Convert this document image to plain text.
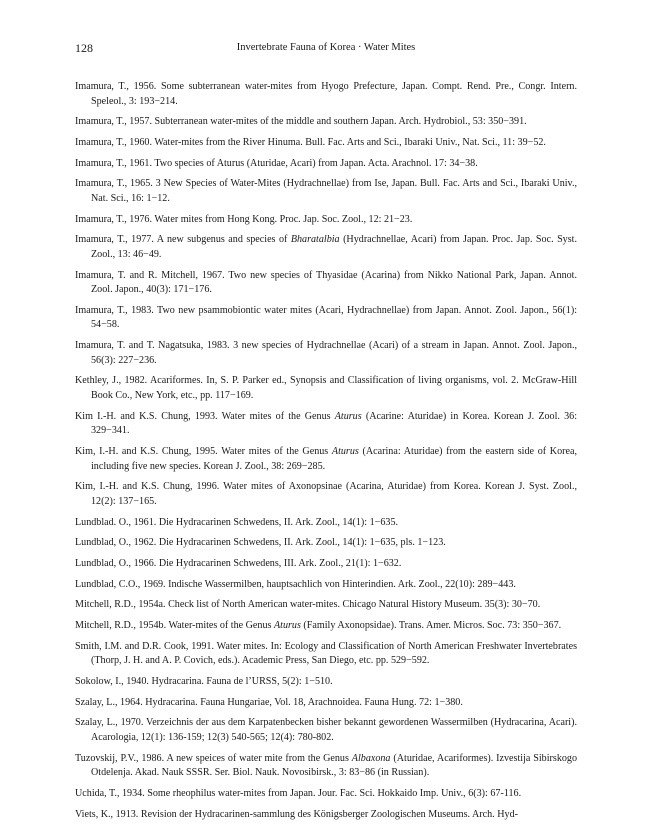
128	Invertebrate Fauna of Korea · Water Mites

Imamura, T., 1956. Some subterranean water-mites from Hyogo Prefecture, Japan. Compt. Rend. Pre., Congr. Intern. Speleol., 3: 193−214.

Imamura, T., 1957. Subterranean water-mites of the middle and southern Japan. Arch. Hydrobiol., 53: 350−391.

Imamura, T., 1960. Water-mites from the River Hinuma. Bull. Fac. Arts and Sci., Ibaraki Univ., Nat. Sci., 11: 39−52.

Imamura, T., 1961. Two species of Aturus (Aturidae, Acari) from Japan. Acta. Arachnol. 17: 34−38.

Imamura, T., 1965. 3 New Species of Water-Mites (Hydrachnellae) from Ise, Japan. Bull. Fac. Arts and Sci., Ibaraki Univ., Nat. Sci., 16: 1−12.

Imamura, T., 1976. Water mites from Hong Kong. Proc. Jap. Soc. Zool., 12: 21−23.

Imamura, T., 1977. A new subgenus and species of Bharatalbia (Hydrachnellae, Acari) from Japan. Proc. Jap. Soc. Syst. Zool., 13: 46−49.

Imamura, T. and R. Mitchell, 1967. Two new species of Thyasidae (Acarina) from Nikko National Park, Japan. Annot. Zool. Japon., 40(3): 171−176.

Imamura, T., 1983. Two new psammobiontic water mites (Acari, Hydrachnellae) from Japan. Annot. Zool. Japon., 56(1): 54−58.

Imamura, T. and T. Nagatsuka, 1983. 3 new species of Hydrachnellae (Acari) of a stream in Japan. Annot. Zool. Japon., 56(3): 227−236.

Kethley, J., 1982. Acariformes. In, S. P. Parker ed., Synopsis and Classification of living organisms, vol. 2. McGraw-Hill Book Co., New York, etc., pp. 117−169.

Kim I.-H. and K.S. Chung, 1993. Water mites of the Genus Aturus (Acarine: Aturidae) in Korea. Korean J. Zool. 36: 329−341.

Kim, I.-H. and K.S. Chung, 1995. Water mites of the Genus Aturus (Acarina: Aturidae) from the eastern side of Korea, including five new species. Korean J. Zool., 38: 269−285.

Kim, I.-H. and K.S. Chung, 1996. Water mites of Axonopsinae (Acarina, Aturidae) from Korea. Korean J. Syst. Zool., 12(2): 137−165.

Lundblad. O., 1961. Die Hydracarinen Schwedens, II. Ark. Zool., 14(1): 1−635.

Lundblad, O., 1962. Die Hydracarinen Schwedens, II. Ark. Zool., 14(1): 1−635, pls. 1−123.

Lundblad, O., 1966. Die Hydracarinen Schwedens, III. Ark. Zool., 21(1): 1−632.

Lundblad, C.O., 1969. Indische Wassermilben, hauptsachlich von Hinterindien. Ark. Zool., 22(10): 289−443.

Mitchell, R.D., 1954a. Check list of North American water-mites. Chicago Natural History Museum. 35(3): 30−70.

Mitchell, R.D., 1954b. Water-mites of the Genus Aturus (Family Axonopsidae). Trans. Amer. Micros. Soc. 73: 350−367.

Smith, I.M. and D.R. Cook, 1991. Water mites. In: Ecology and Classification of North American Freshwater Invertebrates (Thorp, J. H. and A. P. Covich, eds.). Academic Press, San Diego, etc. pp. 529−592.

Sokolow, I., 1940. Hydracarina. Fauna de l’URSS, 5(2): 1−510.

Szalay, L., 1964. Hydracarina. Fauna Hungariae, Vol. 18, Arachnoidea. Fauna Hung. 72: 1−380.

Szalay, L., 1970. Verzeichnis der aus dem Karpatenbecken bisher bekannt gewordenen Wassermilben (Hydracarina, Acari). Acarologia, 12(1): 136-159; 12(3) 540-565; 12(4): 780-802.

Tuzovskij, P.V., 1986. A new speices of water mite from the Genus Albaxona (Aturidae, Acariformes). Izvestija Sibirskogo Otdelenja. Akad. Nauk SSSR. Ser. Biol. Nauk. Novosibirsk., 3: 83−86 (in Russian).

Uchida, T., 1934. Some rheophilus water-mites from Japan. Jour. Fac. Sci. Hokkaido Imp. Univ., 6(3): 67-116.

Viets, K., 1913. Revision der Hydracarinen-sammlung des Königsberger Zoologischen Museums. Arch. Hyd-
